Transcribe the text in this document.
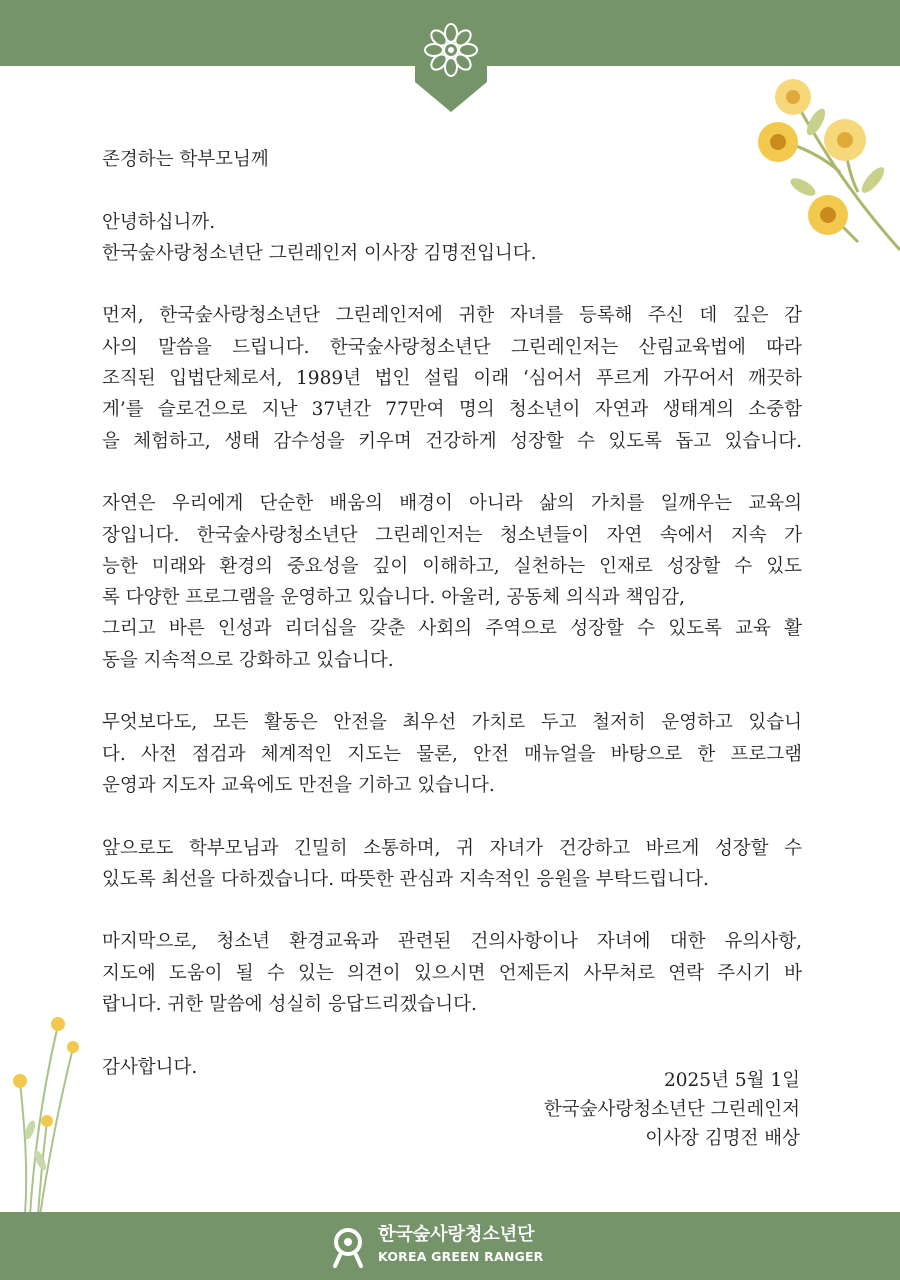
존경하는 학부모님께

안녕하십니까.

한국숲사랑청소년단 그린레인저 이사장 김명전입니다.

먼저, 한국숲사랑청소년단 그린레인저에 귀한 자녀를 등록해 주신 데 깊은 감

사의 말씀을 드립니다. 한국숲사랑청소년단 그린레인저는 산림교육법에 따라

조직된 입법단체로서, 1989년 법인 설립 이래 ‘심어서 푸르게 가꾸어서 깨끗하

게’를 슬로건으로 지난 37년간 77만여 명의 청소년이 자연과 생태계의 소중함

을 체험하고, 생태 감수성을 키우며 건강하게 성장할 수 있도록 돕고 있습니다.

자연은 우리에게 단순한 배움의 배경이 아니라 삶의 가치를 일깨우는 교육의

장입니다. 한국숲사랑청소년단 그린레인저는 청소년들이 자연 속에서 지속 가

능한 미래와 환경의 중요성을 깊이 이해하고, 실천하는 인재로 성장할 수 있도

록 다양한 프로그램을 운영하고 있습니다. 아울러, 공동체 의식과 책임감,

그리고 바른 인성과 리더십을 갖춘 사회의 주역으로 성장할 수 있도록 교육 활

동을 지속적으로 강화하고 있습니다.

무엇보다도, 모든 활동은 안전을 최우선 가치로 두고 철저히 운영하고 있습니

다. 사전 점검과 체계적인 지도는 물론, 안전 매뉴얼을 바탕으로 한 프로그램

운영과 지도자 교육에도 만전을 기하고 있습니다.

앞으로도 학부모님과 긴밀히 소통하며, 귀 자녀가 건강하고 바르게 성장할 수

있도록 최선을 다하겠습니다. 따뜻한 관심과 지속적인 응원을 부탁드립니다.

마지막으로, 청소년 환경교육과 관련된 건의사항이나 자녀에 대한 유의사항,

지도에 도움이 될 수 있는 의견이 있으시면 언제든지 사무처로 연락 주시기 바

랍니다. 귀한 말씀에 성실히 응답드리겠습니다.

감사합니다.

2025년 5월 1일
한국숲사랑청소년단 그린레인저
이사장 김명전 배상
한국숲사랑청소년단
KOREA GREEN RANGER
